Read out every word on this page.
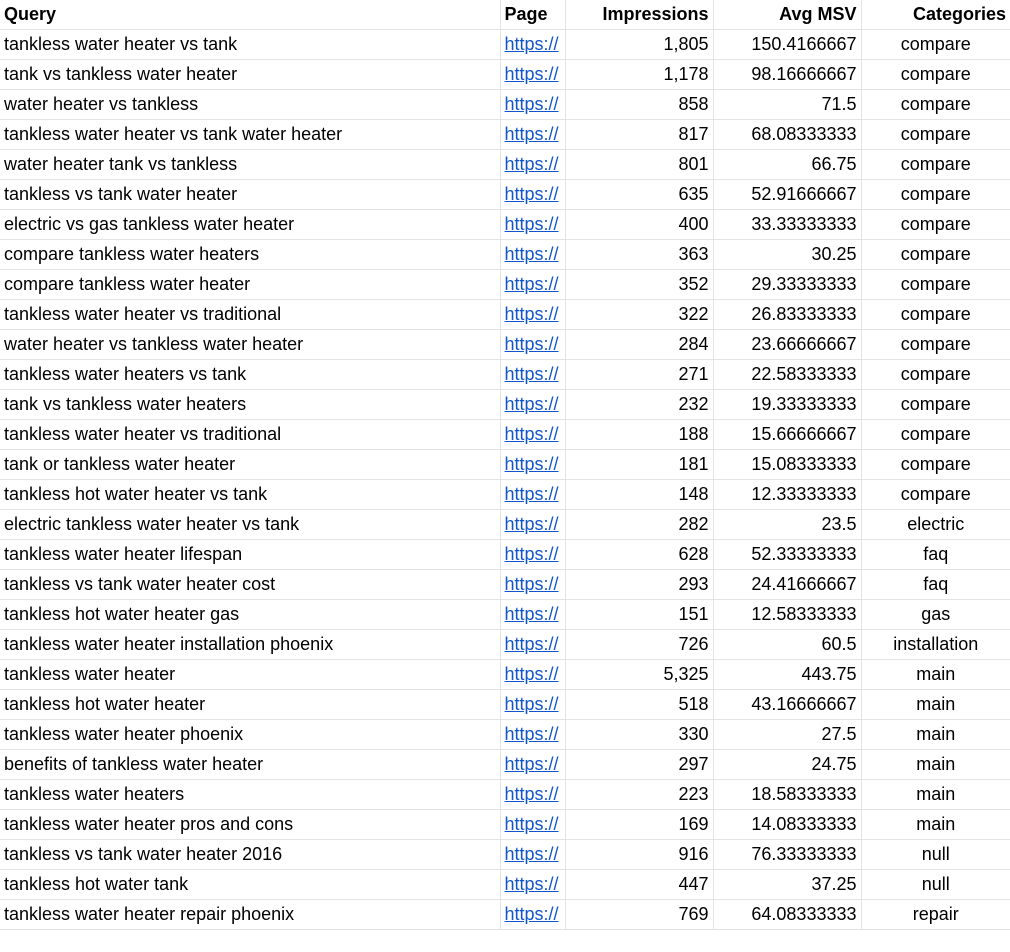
Query	Page	Impressions	Avg MSV	Categories
tankless water heater vs tank	https://	1,805	150.4166667	compare
tank vs tankless water heater	https://	1,178	98.16666667	compare
water heater vs tankless	https://	858	71.5	compare
tankless water heater vs tank water heater	https://	817	68.08333333	compare
water heater tank vs tankless	https://	801	66.75	compare
tankless vs tank water heater	https://	635	52.91666667	compare
electric vs gas tankless water heater	https://	400	33.33333333	compare
compare tankless water heaters	https://	363	30.25	compare
compare tankless water heater	https://	352	29.33333333	compare
tankless water heater vs traditional	https://	322	26.83333333	compare
water heater vs tankless water heater	https://	284	23.66666667	compare
tankless water heaters vs tank	https://	271	22.58333333	compare
tank vs tankless water heaters	https://	232	19.33333333	compare
tankless water heater vs traditional	https://	188	15.66666667	compare
tank or tankless water heater	https://	181	15.08333333	compare
tankless hot water heater vs tank	https://	148	12.33333333	compare
electric tankless water heater vs tank	https://	282	23.5	electric
tankless water heater lifespan	https://	628	52.33333333	faq
tankless vs tank water heater cost	https://	293	24.41666667	faq
tankless hot water heater gas	https://	151	12.58333333	gas
tankless water heater installation phoenix	https://	726	60.5	installation
tankless water heater	https://	5,325	443.75	main
tankless hot water heater	https://	518	43.16666667	main
tankless water heater phoenix	https://	330	27.5	main
benefits of tankless water heater	https://	297	24.75	main
tankless water heaters	https://	223	18.58333333	main
tankless water heater pros and cons	https://	169	14.08333333	main
tankless vs tank water heater 2016	https://	916	76.33333333	null
tankless hot water tank	https://	447	37.25	null
tankless water heater repair phoenix	https://	769	64.08333333	repair
